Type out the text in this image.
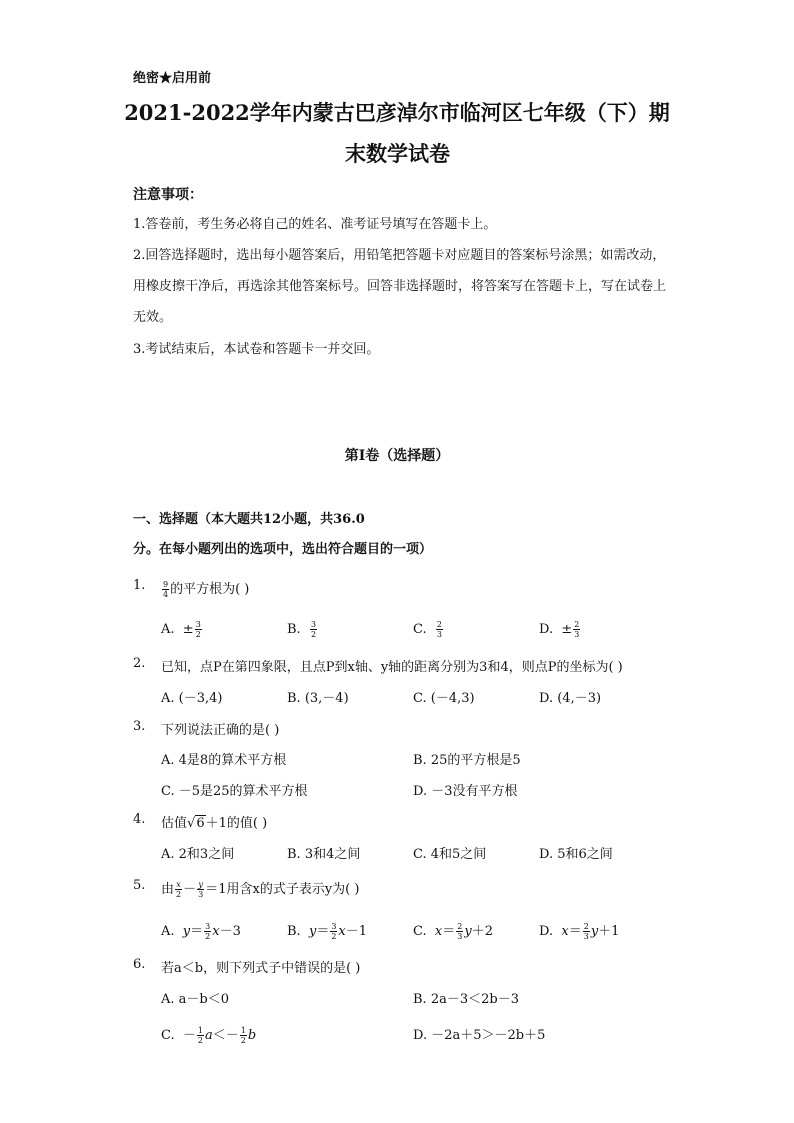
绝密★启用前
2021-2022学年内蒙古巴彦淖尔市临河区七年级（下）期
末数学试卷
注意事项：
1.答卷前，考生务必将自己的姓名、准考证号填写在答题卡上。
2.回答选择题时，选出每小题答案后，用铅笔把答题卡对应题目的答案标号涂黑；如需改动，用橡皮擦干净后，再选涂其他答案标号。回答非选择题时，将答案写在答题卡上，写在试卷上无效。
3.考试结束后，本试卷和答题卡一并交回。
第I卷（选择题）
一、选择题（本大题共12小题，共36.0分。在每小题列出的选项中，选出符合题目的一项）
1. $\frac{9}{4}$ 的平方根为( )
A.  ± $\frac{3}{2}$	B. $\frac{3}{2}$	C. $\frac{2}{3}$	D.  ± $\frac{2}{3}$
2. 已知，点P在第四象限，且点P到x轴、y轴的距离分别为3和4，则点P的坐标为( )
A. (－3,4)	B. (3,－4)	C. (－4,3)	D. (4,－3)
3. 下列说法正确的是( )
A. 4是8的算术平方根	B. 25的平方根是5
C. －5是25的算术平方根	D. －3没有平方根
4. 估值√6＋1的值( )
A. 2和3之间	B. 3和4之间	C. 4和5之间	D. 5和6之间
5. 由 $\frac{x}{2} - \frac{y}{3} =1$用含x的式子表示y为( )
A. $y= \frac{3}{2} x-3$	B. $y= \frac{3}{2} x-1$	C. $x= \frac{2}{3} y+2$	D. $x= \frac{2}{3} y+1$
6. 若a＜b，则下列式子中错误的是( )
A. a－b＜0	B. 2a－3＜2b－3
C.  － $\frac{1}{2} a<- \frac{1}{2}$ b	D. －2a＋5＞－2b＋5
